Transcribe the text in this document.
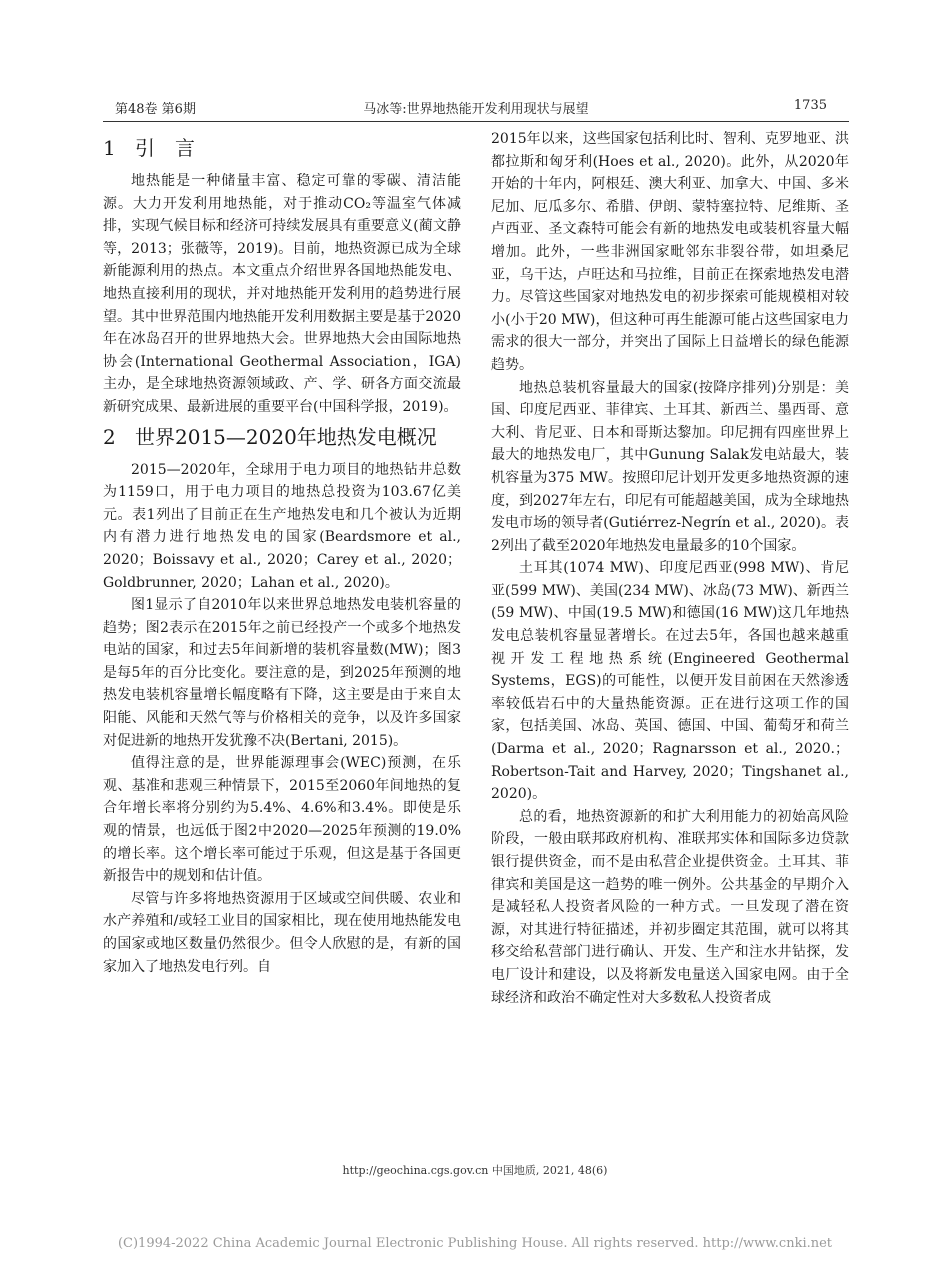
第48卷 第6期	马冰等:世界地热能开发利用现状与展望	1735
1 引　言

地热能是一种储量丰富、稳定可靠的零碳、清洁能源。大力开发利用地热能，对于推动CO₂等温室气体减排，实现气候目标和经济可持续发展具有重要意义(蔺文静等，2013；张薇等，2019)。目前，地热资源已成为全球新能源利用的热点。本文重点介绍世界各国地热能发电、地热直接利用的现状，并对地热能开发利用的趋势进行展望。其中世界范围内地热能开发利用数据主要是基于2020年在冰岛召开的世界地热大会。世界地热大会由国际地热协会(International Geothermal Association，IGA)主办，是全球地热资源领域政、产、学、研各方面交流最新研究成果、最新进展的重要平台(中国科学报，2019)。

2 世界2015—2020年地热发电概况

2015—2020年，全球用于电力项目的地热钻井总数为1159口，用于电力项目的地热总投资为103.67亿美元。表1列出了目前正在生产地热发电和几个被认为近期内有潜力进行地热发电的国家(Beardsmore et al., 2020；Boissavy et al., 2020；Carey et al., 2020；Goldbrunner, 2020；Lahan et al., 2020)。

图1显示了自2010年以来世界总地热发电装机容量的趋势；图2表示在2015年之前已经投产一个或多个地热发电站的国家，和过去5年间新增的装机容量数(MW)；图3是每5年的百分比变化。要注意的是，到2025年预测的地热发电装机容量增长幅度略有下降，这主要是由于来自太阳能、风能和天然气等与价格相关的竞争，以及许多国家对促进新的地热开发犹豫不决(Bertani, 2015)。

值得注意的是，世界能源理事会(WEC)预测，在乐观、基准和悲观三种情景下，2015至2060年间地热的复合年增长率将分别约为5.4%、4.6%和3.4%。即使是乐观的情景，也远低于图2中2020—2025年预测的19.0%的增长率。这个增长率可能过于乐观，但这是基于各国更新报告中的规划和估计值。

尽管与许多将地热资源用于区域或空间供暖、农业和水产养殖和/或轻工业目的国家相比，现在使用地热能发电的国家或地区数量仍然很少。但令人欣慰的是，有新的国家加入了地热发电行列。自

2015年以来，这些国家包括利比时、智利、克罗地亚、洪都拉斯和匈牙利(Hoes et al., 2020)。此外，从2020年开始的十年内，阿根廷、澳大利亚、加拿大、中国、多米尼加、厄瓜多尔、希腊、伊朗、蒙特塞拉特、尼维斯、圣卢西亚、圣文森特可能会有新的地热发电或装机容量大幅增加。此外，一些非洲国家毗邻东非裂谷带，如坦桑尼亚，乌干达，卢旺达和马拉维，目前正在探索地热发电潜力。尽管这些国家对地热发电的初步探索可能规模相对较小(小于20 MW)，但这种可再生能源可能占这些国家电力需求的很大一部分，并突出了国际上日益增长的绿色能源趋势。

地热总装机容量最大的国家(按降序排列)分别是：美国、印度尼西亚、菲律宾、土耳其、新西兰、墨西哥、意大利、肯尼亚、日本和哥斯达黎加。印尼拥有四座世界上最大的地热发电厂，其中Gunung Salak发电站最大，装机容量为375 MW。按照印尼计划开发更多地热资源的速度，到2027年左右，印尼有可能超越美国，成为全球地热发电市场的领导者(Gutiérrez-Negrín et al., 2020)。表2列出了截至2020年地热发电量最多的10个国家。

土耳其(1074 MW)、印度尼西亚(998 MW)、肯尼亚(599 MW)、美国(234 MW)、冰岛(73 MW)、新西兰(59 MW)、中国(19.5 MW)和德国(16 MW)这几年地热发电总装机容量显著增长。在过去5年，各国也越来越重视开发工程地热系统(Engineered Geothermal Systems，EGS)的可能性，以便开发目前困在天然渗透率较低岩石中的大量热能资源。正在进行这项工作的国家，包括美国、冰岛、英国、德国、中国、葡萄牙和荷兰(Darma et al., 2020；Ragnarsson et al., 2020.；Robertson-Tait and Harvey, 2020；Tingshanet al., 2020)。

总的看，地热资源新的和扩大利用能力的初始高风险阶段，一般由联邦政府机构、准联邦实体和国际多边贷款银行提供资金，而不是由私营企业提供资金。土耳其、菲律宾和美国是这一趋势的唯一例外。公共基金的早期介入是减轻私人投资者风险的一种方式。一旦发现了潜在资源，对其进行特征描述，并初步圈定其范围，就可以将其移交给私营部门进行确认、开发、生产和注水井钻探，发电厂设计和建设，以及将新发电量送入国家电网。由于全球经济和政治不确定性对大多数私人投资者成

http://geochina.cgs.gov.cn 中国地质, 2021, 48(6)
(C)1994-2022 China Academic Journal Electronic Publishing House. All rights reserved. http://www.cnki.net
